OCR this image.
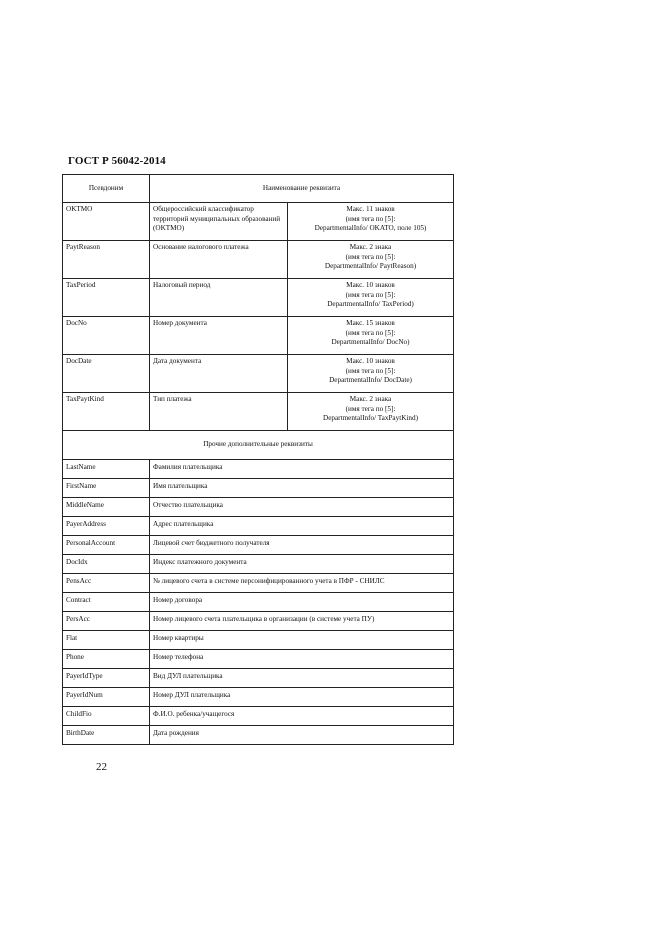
ГОСТ Р 56042-2014
Псевдоним	Наименование реквизита	
OKTMO	Общероссийский классификатор территорий муниципальных образований (OKTMO)	Макс. 11 знаков
(имя тега по [5]:
DepartmentalInfo/ OKATO, поле 105)

PaytReason	Основание налогового платежа	Макс. 2 знака
(имя тега по [5]:
DepartmentalInfo/ PaytReason)

TaxPeriod	Налоговый период	Макс. 10 знаков
(имя тега по [5]:
DepartmentalInfo/ TaxPeriod)

DocNo	Номер документа	Макс. 15 знаков
(имя тега по [5]:
DepartmentalInfo/ DocNo)

DocDate	Дата документа	Макс. 10 знаков
(имя тега по [5]:
DepartmentalInfo/ DocDate)

TaxPaytKind	Тип платежа	Макс. 2 знака
(имя тега по [5]:
DepartmentalInfo/ TaxPaytKind)

Прочие дополнительные реквизиты		
LastName	Фамилия плательщика	
FirstName	Имя плательщика	
MiddleName	Отчество плательщика	
PayerAddress	Адрес плательщика	
PersonalAccount	Лицевой счет бюджетного получателя	
DocIdx	Индекс платежного документа	
PensAcc	№ лицевого счета в системе персонифицированного учета в ПФР - СНИЛС	
Contract	Номер договора	
PersAcc	Номер лицевого счета плательщика в организации (в системе учета ПУ)	
Flat	Номер квартиры	
Phone	Номер телефона	
PayerIdType	Вид ДУЛ плательщика	
PayerIdNum	Номер ДУЛ плательщика	
ChildFio	Ф.И.О. ребенка/учащегося	
BirthDate	Дата рождения	
22
